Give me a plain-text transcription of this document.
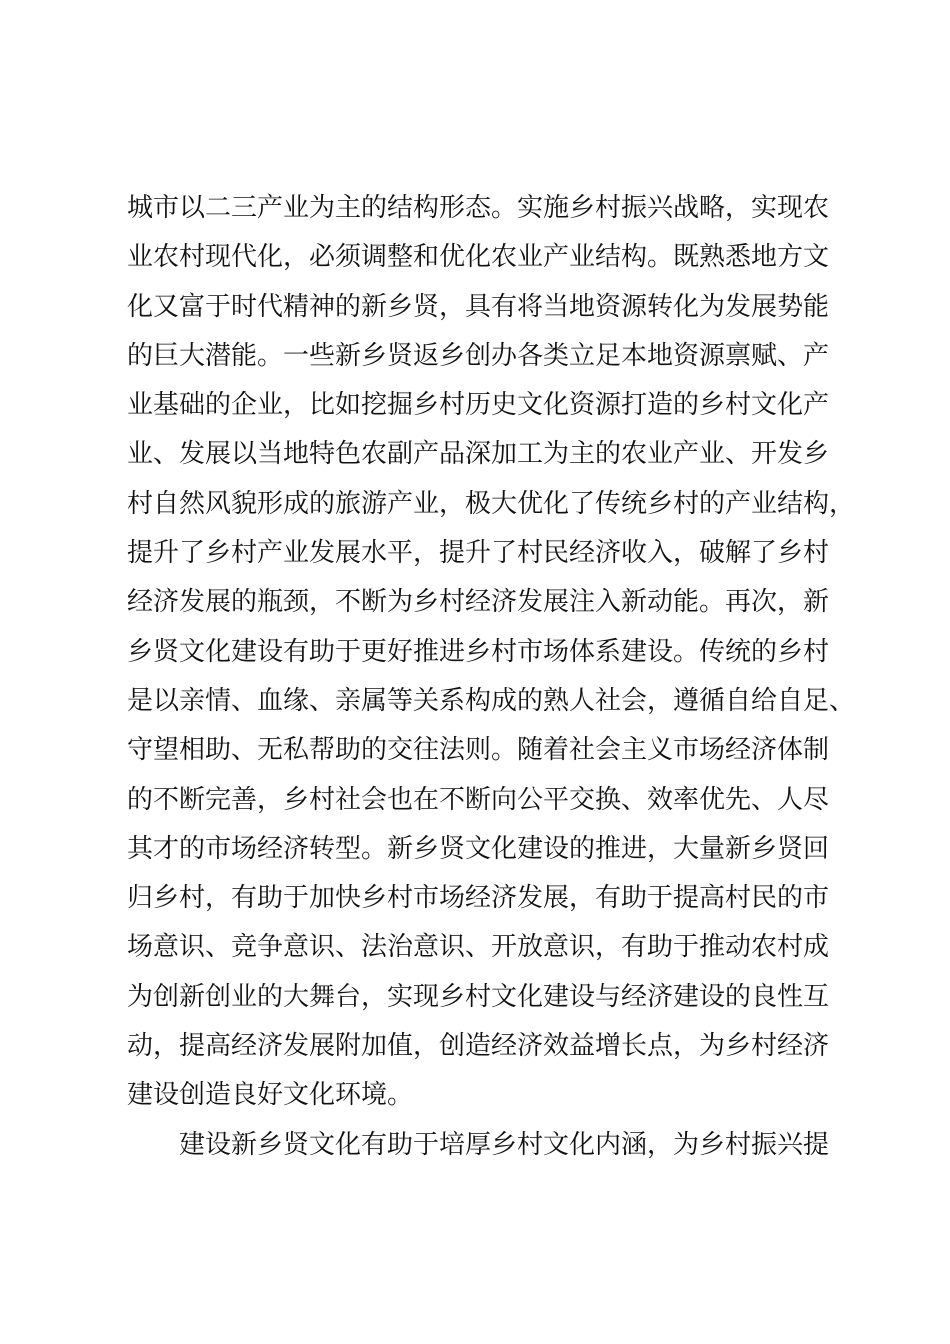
城市以二三产业为主的结构形态。实施乡村振兴战略，实现农
业农村现代化，必须调整和优化农业产业结构。既熟悉地方文
化又富于时代精神的新乡贤，具有将当地资源转化为发展势能
的巨大潜能。一些新乡贤返乡创办各类立足本地资源禀赋、产
业基础的企业，比如挖掘乡村历史文化资源打造的乡村文化产
业、发展以当地特色农副产品深加工为主的农业产业、开发乡
村自然风貌形成的旅游产业，极大优化了传统乡村的产业结构，
提升了乡村产业发展水平，提升了村民经济收入，破解了乡村
经济发展的瓶颈，不断为乡村经济发展注入新动能。再次，新
乡贤文化建设有助于更好推进乡村市场体系建设。传统的乡村
是以亲情、血缘、亲属等关系构成的熟人社会，遵循自给自足、
守望相助、无私帮助的交往法则。随着社会主义市场经济体制
的不断完善，乡村社会也在不断向公平交换、效率优先、人尽
其才的市场经济转型。新乡贤文化建设的推进，大量新乡贤回
归乡村，有助于加快乡村市场经济发展，有助于提高村民的市
场意识、竞争意识、法治意识、开放意识，有助于推动农村成
为创新创业的大舞台，实现乡村文化建设与经济建设的良性互
动，提高经济发展附加值，创造经济效益增长点，为乡村经济
建设创造良好文化环境。
建设新乡贤文化有助于培厚乡村文化内涵，为乡村振兴提
